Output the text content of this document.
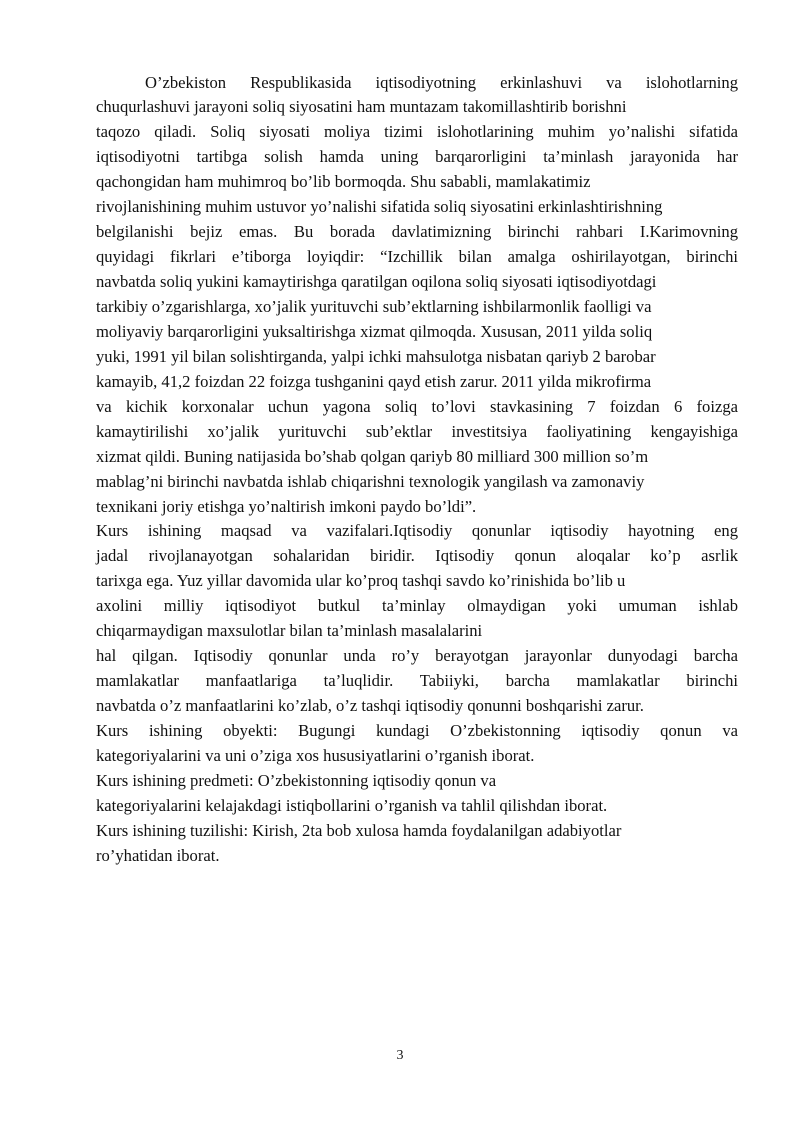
O’zbekiston Respublikasida iqtisodiyotning erkinlashuvi va islohotlarning
chuqurlashuvi jarayoni soliq siyosatini ham muntazam takomillashtirib borishni
taqozo qiladi. Soliq siyosati moliya tizimi islohotlarining muhim yo’nalishi sifatida
iqtisodiyotni tartibga solish hamda uning barqarorligini ta’minlash jarayonida har
qachongidan ham muhimroq bo’lib bormoqda. Shu sababli, mamlakatimiz
rivojlanishining muhim ustuvor yo’nalishi sifatida soliq siyosatini erkinlashtirishning
belgilanishi bejiz emas. Bu borada davlatimizning birinchi rahbari I.Karimovning
quyidagi fikrlari e’tiborga loyiqdir: “Izchillik bilan amalga oshirilayotgan, birinchi
navbatda soliq yukini kamaytirishga qaratilgan oqilona soliq siyosati iqtisodiyotdagi
tarkibiy o’zgarishlarga, xo’jalik yurituvchi sub’ektlarning ishbilarmonlik faolligi va
moliyaviy barqarorligini yuksaltirishga xizmat qilmoqda. Xususan, 2011 yilda soliq
yuki, 1991 yil bilan solishtirganda, yalpi ichki mahsulotga nisbatan qariyb 2 barobar
kamayib, 41,2 foizdan 22 foizga tushganini qayd etish zarur. 2011 yilda mikrofirma
va kichik korxonalar uchun yagona soliq to’lovi stavkasining 7 foizdan 6 foizga
kamaytirilishi xo’jalik yurituvchi sub’ektlar investitsiya faoliyatining kengayishiga
xizmat qildi. Buning natijasida bo’shab qolgan qariyb 80 milliard 300 million so’m
mablag’ni birinchi navbatda ishlab chiqarishni texnologik yangilash va zamonaviy
texnikani joriy etishga yo’naltirish imkoni paydo bo’ldi”.
Kurs ishining maqsad va vazifalari.Iqtisodiy qonunlar iqtisodiy hayotning eng
jadal rivojlanayotgan sohalaridan biridir. Iqtisodiy qonun aloqalar ko’p asrlik
tarixga ega. Yuz yillar davomida ular ko’proq tashqi savdo ko’rinishida bo’lib u
axolini milliy iqtisodiyot butkul ta’minlay olmaydigan yoki umuman ishlab
chiqarmaydigan maxsulotlar bilan ta’minlash masalalarini
hal qilgan. Iqtisodiy qonunlar unda ro’y berayotgan jarayonlar dunyodagi barcha
mamlakatlar manfaatlariga ta’luqlidir. Tabiiyki, barcha mamlakatlar birinchi
navbatda o’z manfaatlarini ko’zlab, o’z tashqi iqtisodiy qonunni boshqarishi zarur.
Kurs ishining obyekti: Bugungi kundagi O’zbekistonning iqtisodiy qonun va
kategoriyalarini va uni o’ziga xos hususiyatlarini o’rganish iborat.
Kurs ishining predmeti: O’zbekistonning iqtisodiy qonun va
kategoriyalarini kelajakdagi istiqbollarini o’rganish va tahlil qilishdan iborat.
Kurs ishining tuzilishi: Kirish, 2ta bob xulosa hamda foydalanilgan adabiyotlar
ro’yhatidan iborat.
3
